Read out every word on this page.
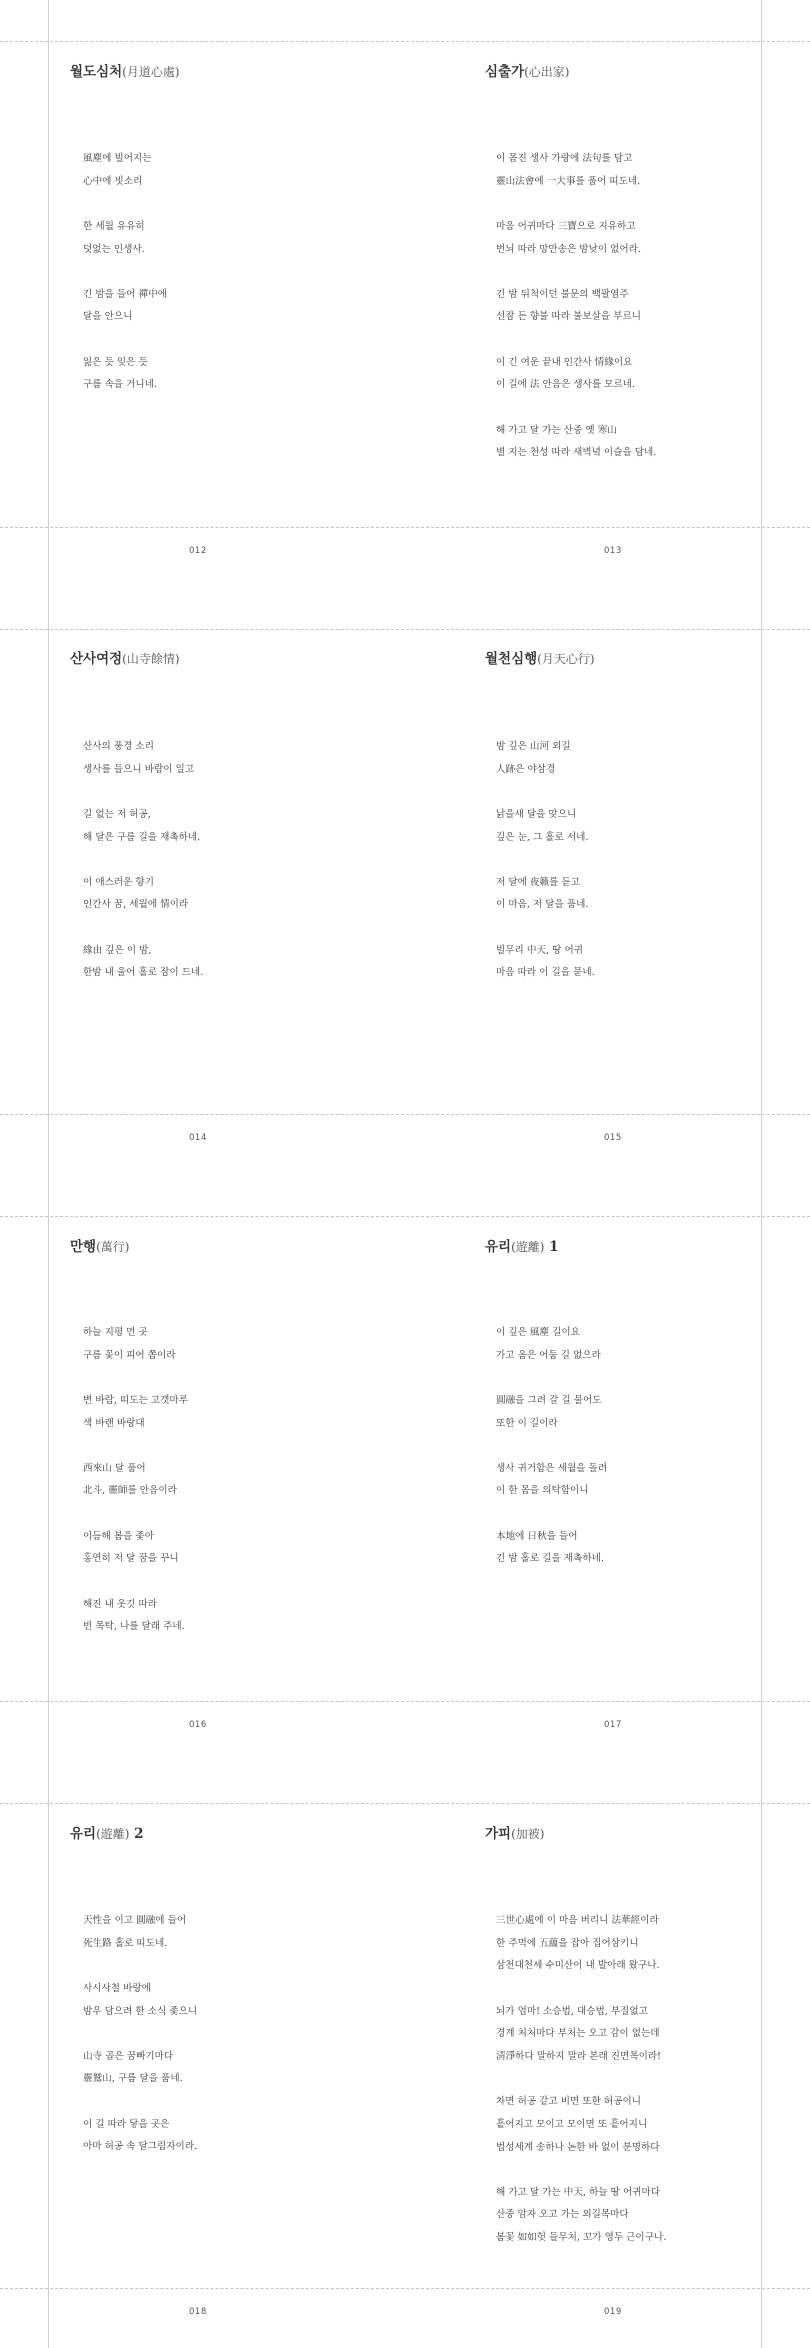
월도심처(月道心處)
風塵에 빌어지는
心中에 빗소리
한 세월 유유히
덧없는 인생사.
긴 밤을 들어 禪中에
달을 안으니
잃은 듯 잊은 듯
구름 속을 거니네.
012
심출가(心出家)
이 몸진 생사 가랑에 法句를 담고
靈山法會에 一大事를 품어 띠도네.
마음 어귀마다 三寶으로 지유하고
번뇌 따라 망만송은 밤낮이 없어라.
긴 밤 뒤척이던 불문의 백팔염주
선잠 든 향불 따라 불보살을 부르니
이 긴 여운 끝내 인간사 情緣이요
이 길에 法 안음은 생사를 모르네.
해 가고 달 가는 산중 옛 寒山
별 지는 천성 따라 새벽녘 이슬을 담네.
013
산사여정(山寺餘情)
산사의 풍경 소리
생사를 들으니 바람이 일고
길 없는 저 허공,
해 달은 구름 길을 재촉하네.
이 애스러운 향기
인간사 꿈, 세월에 情이라
緣由 깊은 이 밤,
한밤 내 울어 홀로 잠이 드네.
014
월천심행(月天心行)
밤 깊은 山河 외길
人跡은 야삼경
낡을새 달을 맞으니
깊은 눈, 그 홀로 서네.
저 달에 夜籟를 듣고
이 마음, 저 달을 품네.
빌무리 中天, 땅 어귀
마음 따라 이 길을 묻네.
015
만행(萬行)
하늘 지평 먼 곳
구름 꽃이 피어 쫌이라
변 바람, 띠도는 고갯마루
색 바랜 바랑대
西來山 달 품어
北斗, 靈師를 안음이라
이듬해 봄을 좇아
홍연히 저 달 꿈을 꾸니
해진 내 옷깃 따라
빈 목탁, 나를 달래 주네.
016
유리(遊離) 1
이 깊은 風塵 길이요
가고 옴은 어둠 길 없으라
圓融을 그려 갈 길 물어도
또한 이 길이라
생사 귀거함은 세월을 돌려
이 한 몸을 의탁함이니
本地에 日秋을 들어
긴 밤 홀로 길을 재촉하네.
017
유리(遊離) 2
天性을 이고 圓融에 들어
死生路 홀로 띠도네.
사시사철 바랑에
밤우 담으려 한 소식 좇으니
山寺 곱은 꿈빠기마다
靈鷲山, 구름 달을 품네.
이 길 따라 닿을 곳은
아마 허공 속 달그림자이라.
018
가피(加被)
三世心處에 이 마음 버리니 法華經이라
한 주먹에 五蘊을 잡아 집어삼키니
삼천대천세 수미산이 내 발아래 왔구나.
뇌가 엄마! 소승법, 대승법, 부질없고
경계 처처마다 부처는 오고 감이 없는데
淸淨하다 말하지 말라 본래 진면목이라!
차면 허공 같고 비면 또한 허공이니
흩어지고 모이고 모이면 또 흩어지니
법성세계 송하나 논한 바 없이 분명하다
해 가고 달 가는 中天, 하늘 땅 어귀마다
산중 암자 오고 가는 외길목마다
봄꽃 如如헛 들무처, 꼬가 영두 근이구나.
019
